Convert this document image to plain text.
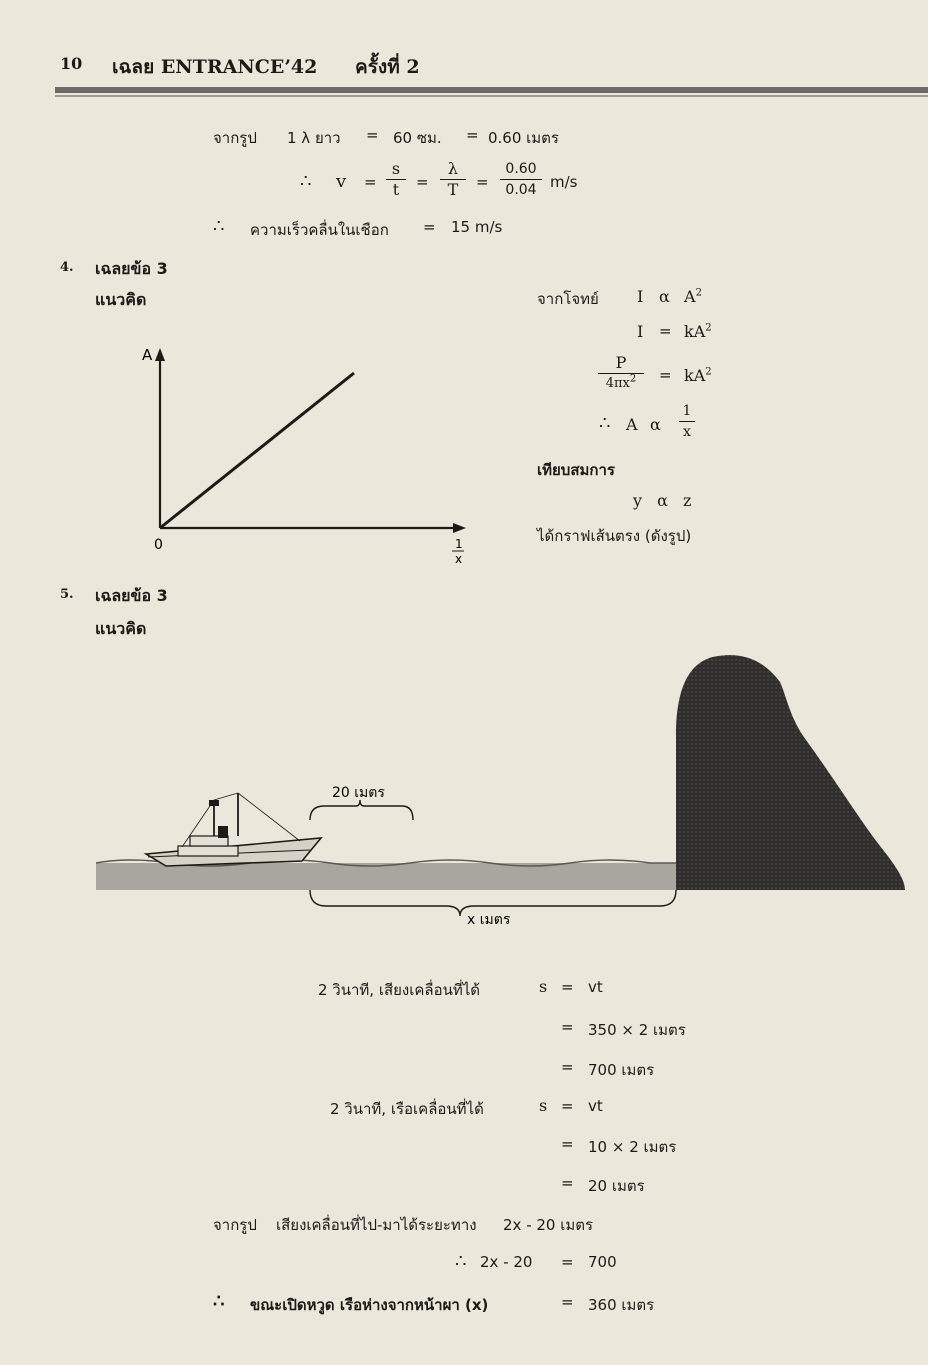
10 เฉลย ENTRANCE’42 ครั้งที่ 2
จากรูป 1 λ ยาว = 60 ซม. = 0.60 เมตร
∴ v =
s
t	=
λ
T	=
0.60
0.04 m/s
∴ ความเร็วคลื่นในเชือก = 15 m/s
4. เฉลยข้อ 3
แนวคิด
A
0	1
x
จากโจทย์ I α $A^2$
$I = kA^2$
P
$4\pi x^2$	= $kA^2$
∴ A α
1
x
เทียบสมการ
y α z
ได้กราฟเส้นตรง (ดังรูป)
5. เฉลยข้อ 3
แนวคิด
20 เมตร
x เมตร
2 วินาที, เสียงเคลื่อนที่ได้	s = vt
= 350 × 2 เมตร
= 700 เมตร
2 วินาที, เรือเคลื่อนที่ได้	s = vt
= 10 × 2 เมตร
= 20 เมตร
จากรูป เสียงเคลื่อนที่ไป-มาได้ระยะทาง 2x - 20 เมตร
∴ 2x - 20 = 700
∴ ขณะเปิดหวูด เรือห่างจากหน้าผา (x)	= 360 เมตร
